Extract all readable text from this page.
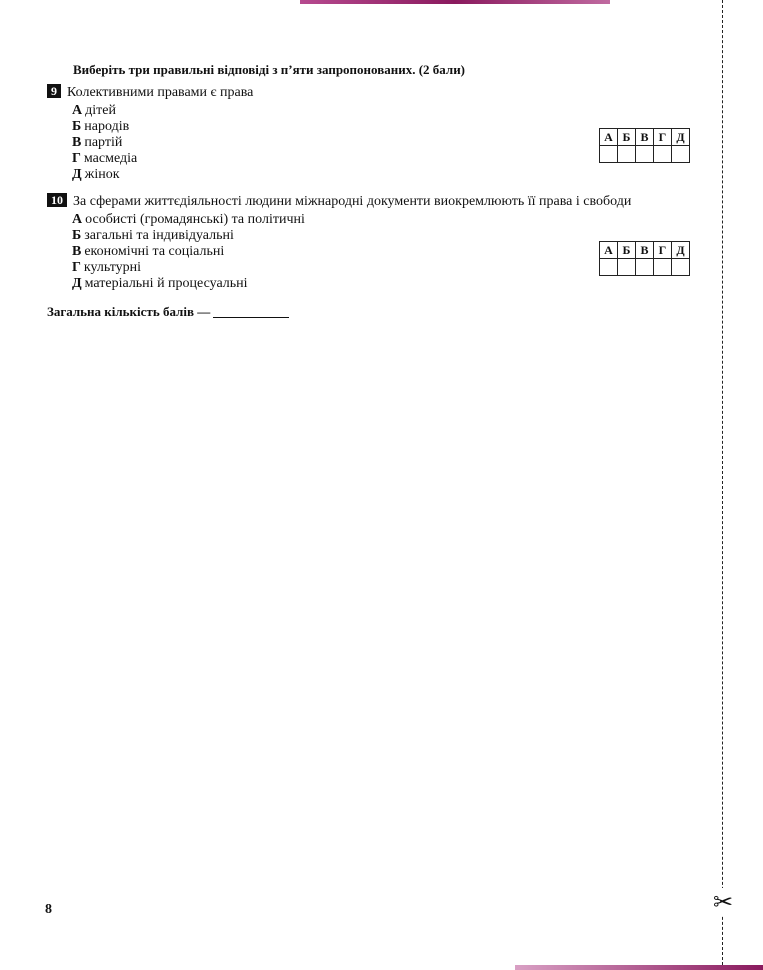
✂
Виберіть три правильні відповіді з п’яти запропонованих. (2 бали)
9 Колективними правами є права
А дітей
Б народів
В партій
Г масмедіа
Д жінок
А	Б	В	Г	Д

10 За сферами життєдіяльності людини міжнародні документи виокремлюють її права і свободи
А особисті (громадянські) та політичні
Б загальні та індивідуальні
В економічні та соціальні
Г культурні
Д матеріальні й процесуальні
А	Б	В	Г	Д

Загальна кількість балів —
8
